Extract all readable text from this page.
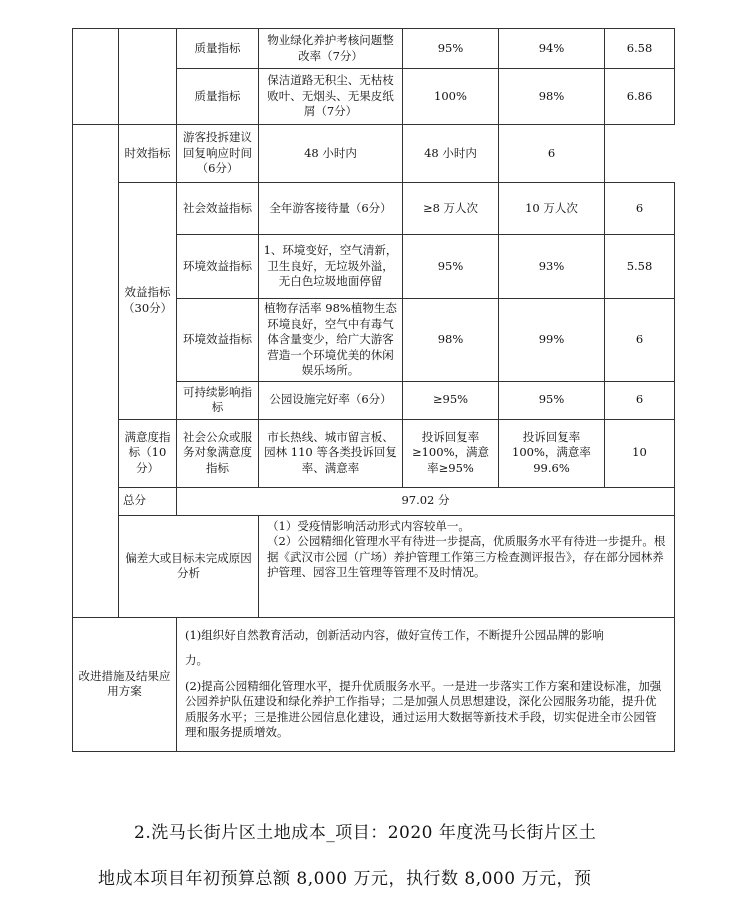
		质量指标	物业绿化养护考核问题整改率（7分）	95%	94%	6.58
		质量指标	保洁道路无积尘、无枯枝败叶、无烟头、无果皮纸屑（7分）	100%	98%	6.86
	时效指标	游客投拆建议回复响应时间（6分）	48 小时内	48 小时内	6	
	效益指标（30分）	社会效益指标	全年游客接待量（6分）	≥8 万人次	10 万人次	6
		环境效益指标	1、环境变好，空气清新，卫生良好，无垃圾外溢，无白色垃圾地面停留	95%	93%	5.58
		环境效益指标	植物存活率 98%植物生态环境良好，空气中有毒气体含量变少，给广大游客营造一个环境优美的休闲娱乐场所。	98%	99%	6
		可持续影响指标	公园设施完好率（6分）	≥95%	95%	6
	满意度指标（10分）	社会公众或服务对象满意度指标	市长热线、城市留言板、园林 110 等各类投诉回复率、满意率	投诉回复率≥100%，满意率≥95%	投诉回复率100%，满意率99.6%	10
	总分	97.02 分				
	偏差大或目标未完成原因分析		（1）受疫情影响活动形式内容较单一。
（2）公园精细化管理水平有待进一步提高，优质服务水平有待进一步提升。根据《武汉市公园（广场）养护管理工作第三方检查测评报告》，存在部分园林养护管理、园容卫生管理等管理不及时情况。			

改进措施及结果应用方案		(1)组织好自然教育活动，创新活动内容，做好宣传工作，不断提升公园品牌的影响
力。
(2)提高公园精细化管理水平，提升优质服务水平。一是进一步落实工作方案和建设标准，加强公园养护队伍建设和绿化养护工作指导；二是加强人员思想建设，深化公园服务功能，提升优质服务水平；三是推进公园信息化建设，通过运用大数据等新技术手段，切实促进全市公园管理和服务提质增效。				
2.洗马长街片区土地成本_项目：2020 年度洗马长街片区土
地成本项目年初预算总额 8,000 万元，执行数 8,000 万元，预
